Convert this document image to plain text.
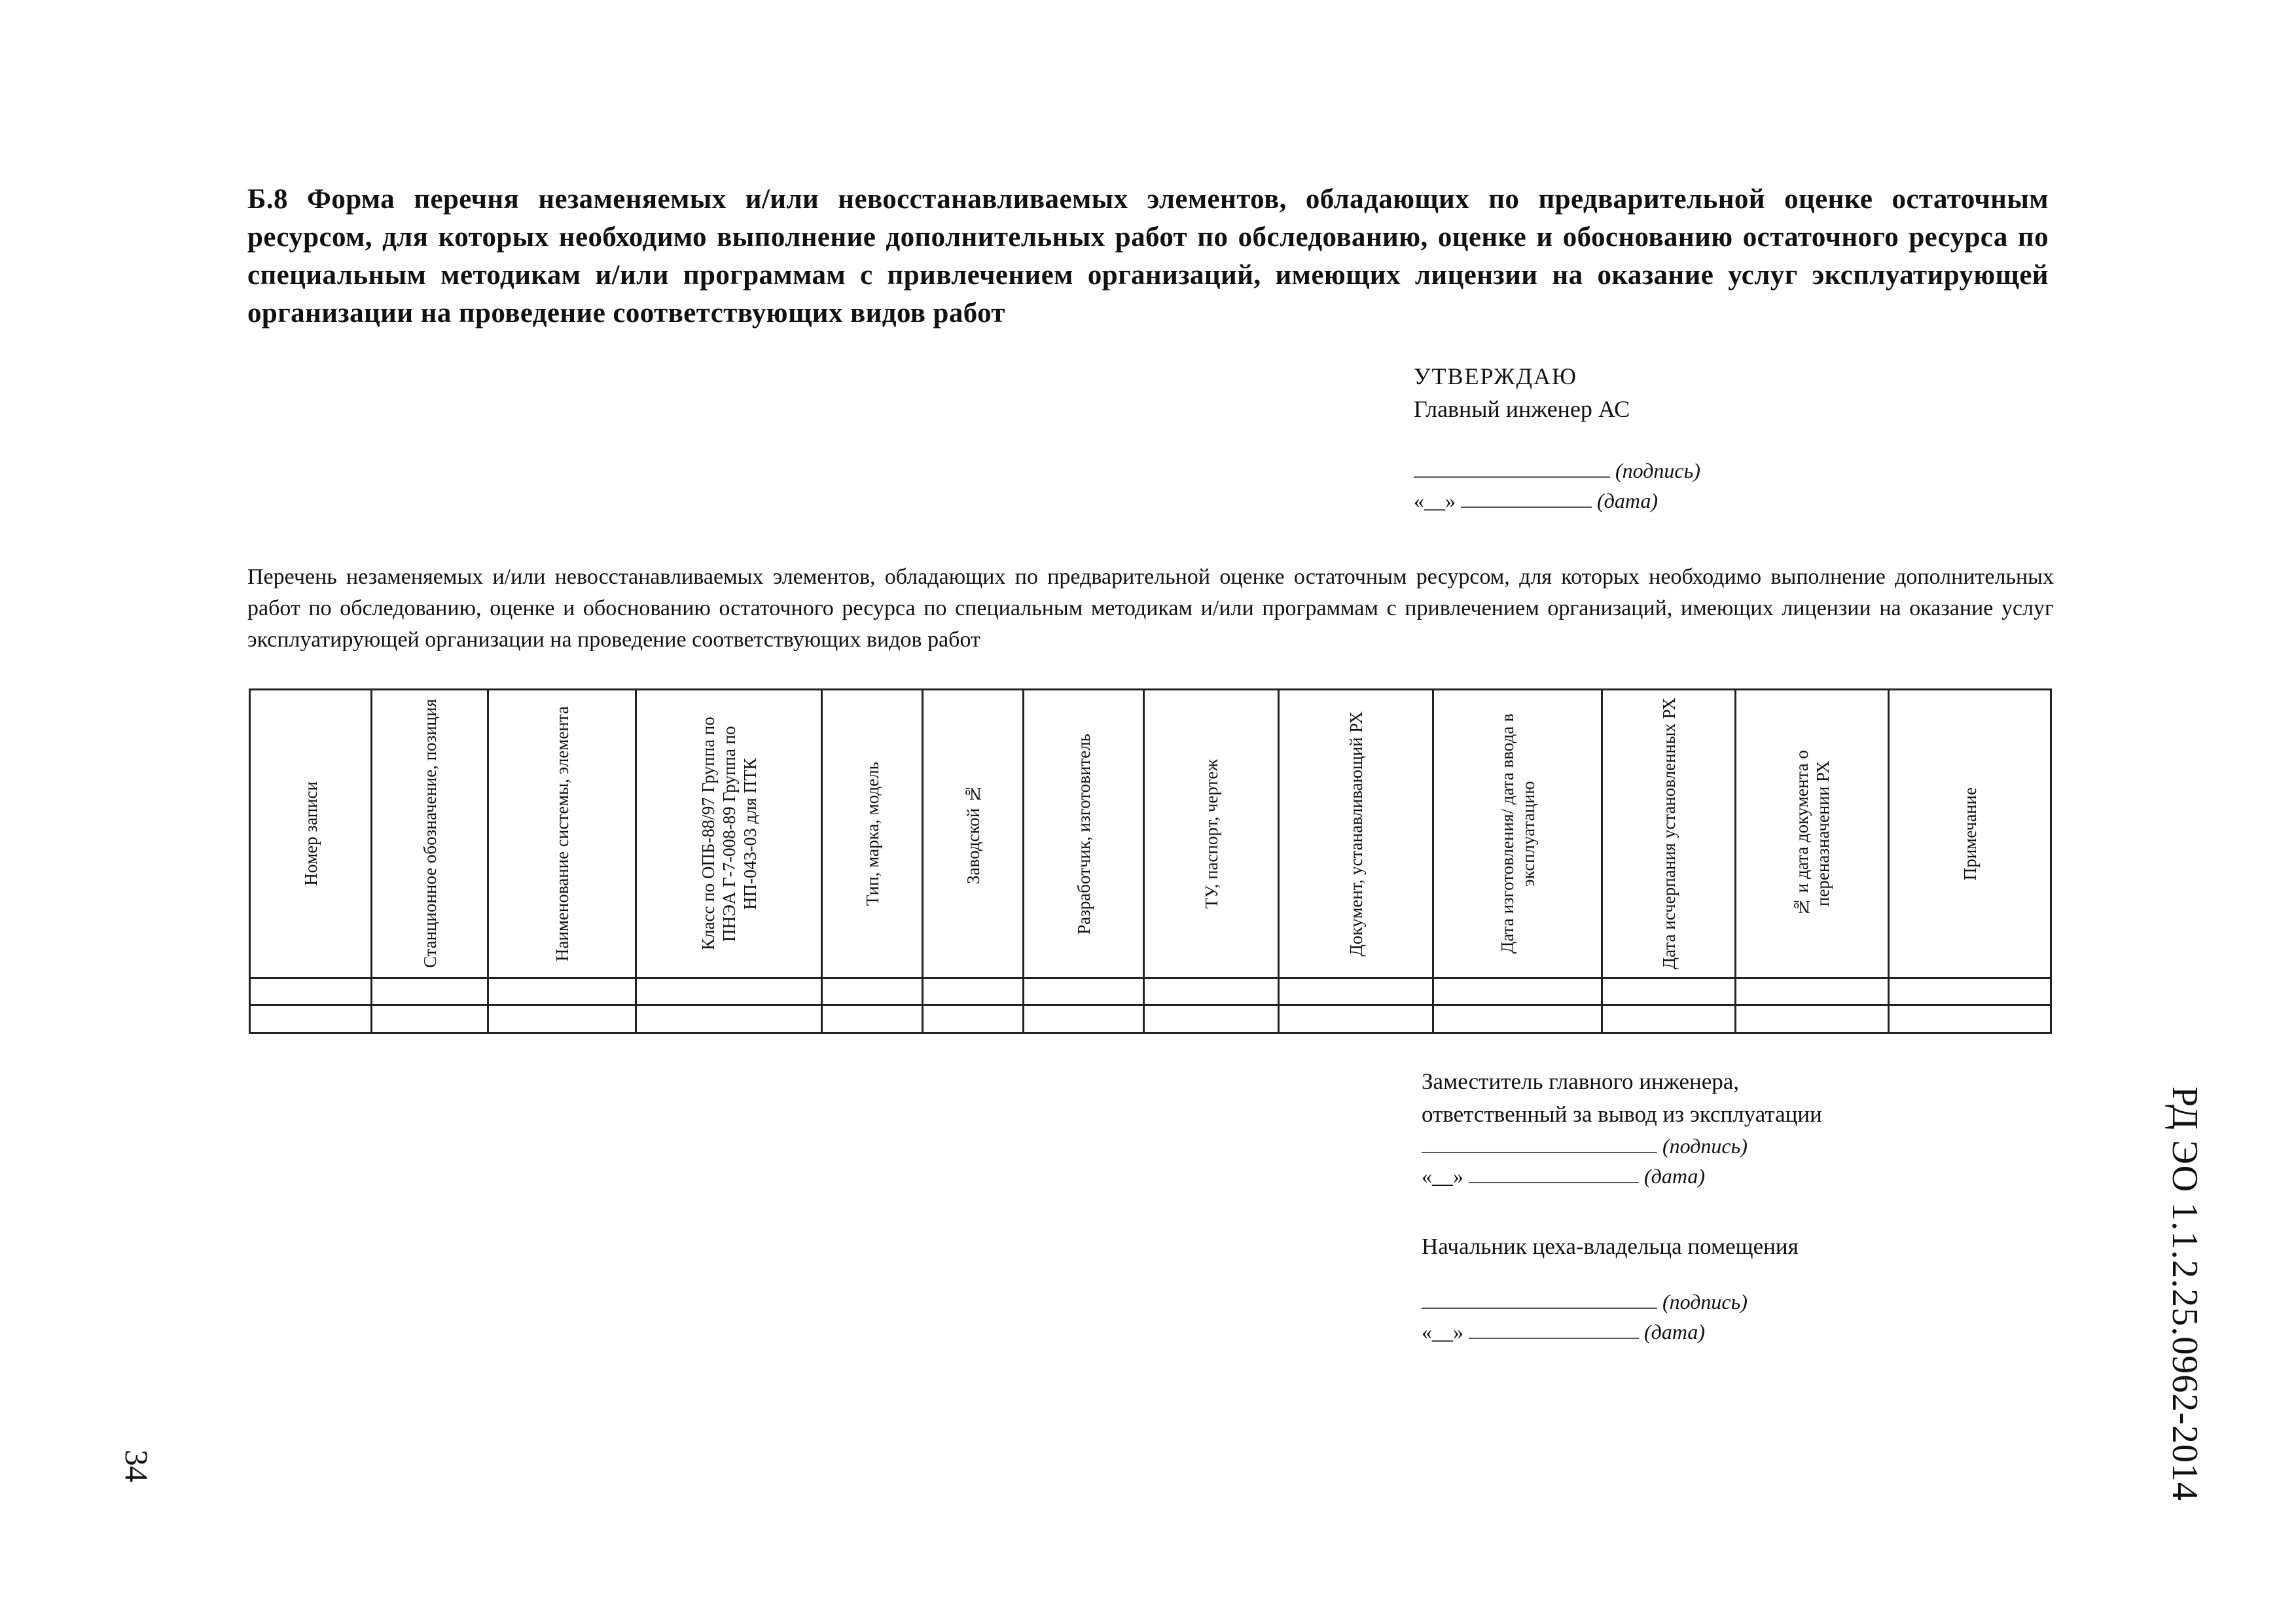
Б.8 Форма перечня незаменяемых и/или невосстанавливаемых элементов, обладающих по предварительной оценке остаточным ресурсом, для которых необходимо выполнение дополнительных работ по обследованию, оценке и обоснованию остаточного ресурса по специальным методикам и/или программам с привлечением организаций, имеющих лицензии на оказание услуг эксплуатирующей организации на проведение соответствующих видов работ
УТВЕРЖДАЮ
Главный инженер АС
(подпись)
«__»	(дата)
Перечень незаменяемых и/или невосстанавливаемых элементов, обладающих по предварительной оценке остаточным ресурсом, для которых необходимо выполнение дополнительных работ по обследованию, оценке и обоснованию остаточного ресурса по специальным методикам и/или программам с привлечением организаций, имеющих лицензии на оказание услуг эксплуатирующей организации на проведение соответствующих видов работ
Номер записи	Станционное обозначение, позиция	Наименование системы, элемента	Класс по ОПБ-88/97 Группа по ПНЭА Г-7-008-89 Группа по НП-043-03 для ПТК	Тип, марка, модель	Заводской №	Разработчик, изготовитель	ТУ, паспорт, чертеж	Документ, устанавливающий РХ	Дата изготовления/ дата ввода в эксплуатацию	Дата исчерпания установленных РХ	№ и дата документа о переназначении РХ	Примечание

Заместитель главного инженера,
ответственный за вывод из эксплуатации
(подпись)
«__»	(дата)
Начальник цеха-владельца помещения
(подпись)
«__»	(дата)	РД ЭО 1.1.2.25.0962-2014
34
